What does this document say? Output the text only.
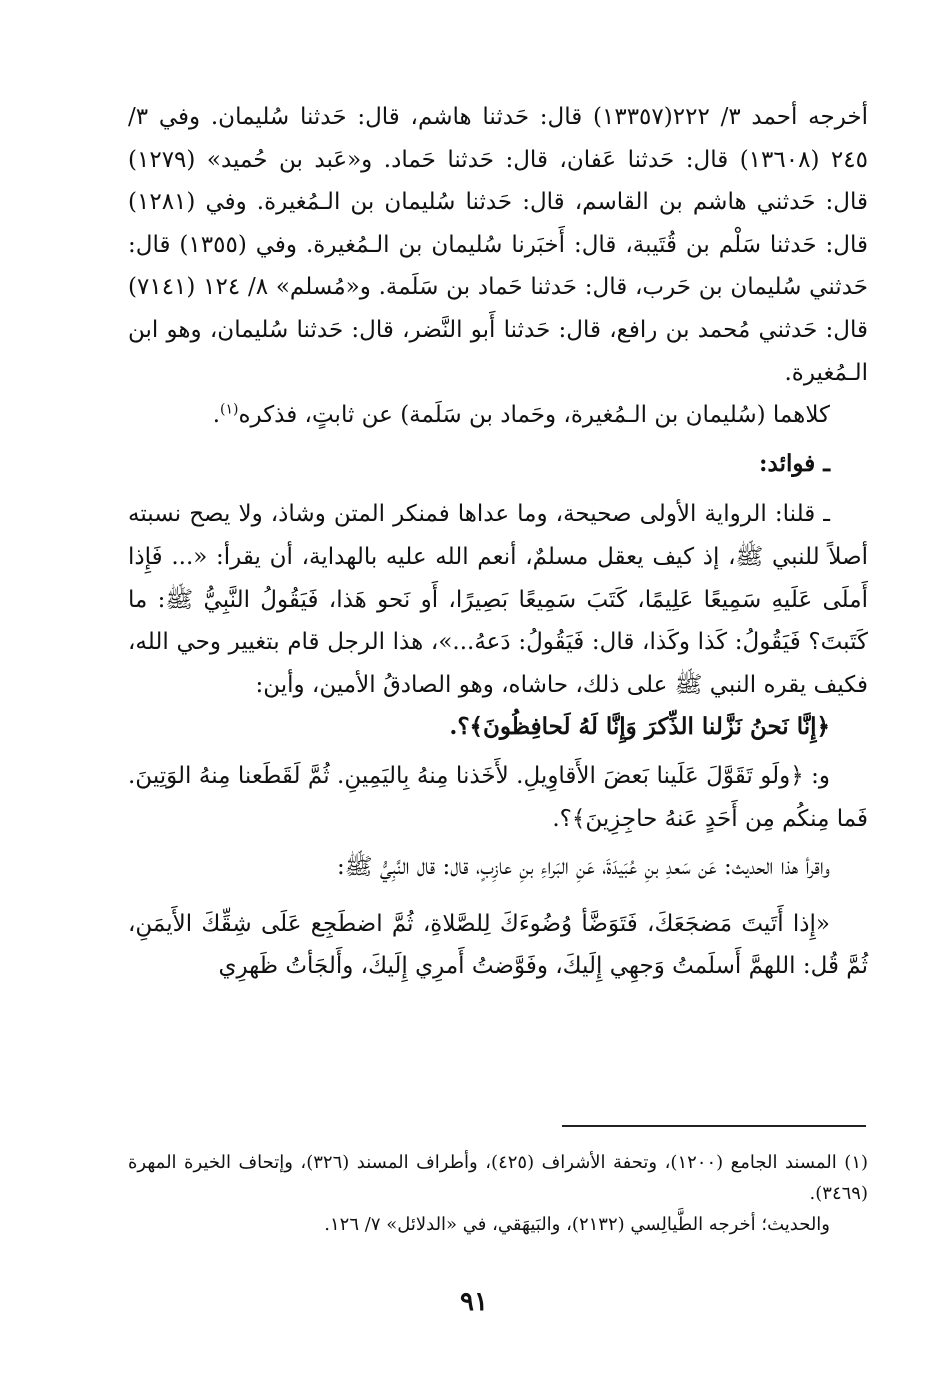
أخرجه أحمد ٣/ ٢٢٢(١٣٣٥٧) قال: حَدثنا هاشم، قال: حَدثنا سُليمان. وفي ٣/ ٢٤٥ (١٣٦٠٨) قال: حَدثنا عَفان، قال: حَدثنا حَماد. و«عَبد بن حُميد» (١٢٧٩) قال: حَدثني هاشم بن القاسم، قال: حَدثنا سُليمان بن الـمُغيرة. وفي (١٢٨١) قال: حَدثنا سَلْم بن قُتَيبة، قال: أَخبَرنا سُليمان بن الـمُغيرة. وفي (١٣٥٥) قال: حَدثني سُليمان بن حَرب، قال: حَدثنا حَماد بن سَلَمة. و«مُسلم» ٨/ ١٢٤ (٧١٤١) قال: حَدثني مُحمد بن رافع، قال: حَدثنا أَبو النَّضر، قال: حَدثنا سُليمان، وهو ابن الـمُغيرة.

كلاهما (سُليمان بن الـمُغيرة، وحَماد بن سَلَمة) عن ثابتٍ، فذكره$^{(١)}$.

ـ فوائد:

ـ قلنا: الرواية الأولى صحيحة، وما عداها فمنكر المتن وشاذ، ولا يصح نسبته أصلاً للنبي ﷺ، إذ كيف يعقل مسلمٌ، أنعم الله عليه بالهداية، أن يقرأ: «... فَإِذا أَملَى عَلَيهِ سَمِيعًا عَلِيمًا، كَتَبَ سَمِيعًا بَصِيرًا، أَو نَحو هَذا، فَيَقُولُ النَّبِيُّ ﷺ: ما كَتَبتَ؟ فَيَقُولُ: كَذا وكَذا، قال: فَيَقُولُ: دَعهُ...»، هذا الرجل قام بتغيير وحي الله، فكيف يقره النبي ﷺ على ذلك، حاشاه، وهو الصادقُ الأمين، وأين:

﴿إِنَّا نَحنُ نَزَّلنا الذِّكرَ وَإِنَّا لَهُ لَحافِظُونَ﴾؟.

و: ﴿ولَو تَقَوَّلَ عَلَينا بَعضَ الأَقاوِيلِ. لأَخَذنا مِنهُ بِاليَمِينِ. ثُمَّ لَقَطَعنا مِنهُ الوَتِينَ. فَما مِنكُم مِن أَحَدٍ عَنهُ حاجِزِينَ﴾؟.

واقرأ هذا الحديث: عَن سَعدِ بنِ عُبَيدَةَ، عَنِ البَراءِ بنِ عازِبٍ، قال: قال النَّبِيُّ ﷺ:

«إِذا أَتَيتَ مَضجَعَكَ، فَتَوَضَّأ وُضُوءَكَ لِلصَّلاةِ، ثُمَّ اضطَجِع عَلَى شِقِّكَ الأَيمَنِ، ثُمَّ قُل: اللهمَّ أَسلَمتُ وَجهِي إِلَيكَ، وفَوَّضتُ أَمرِي إِلَيكَ، وأَلجَأتُ ظَهرِي

(١) المسند الجامع (١٢٠٠)، وتحفة الأشراف (٤٢٥)، وأطراف المسند (٣٢٦)، وإتحاف الخيرة المهرة (٣٤٦٩).

والحديث؛ أخرجه الطَّيالِسي (٢١٣٢)، والبَيهَقي، في «الدلائل» ٧/ ١٢٦.

٩١
